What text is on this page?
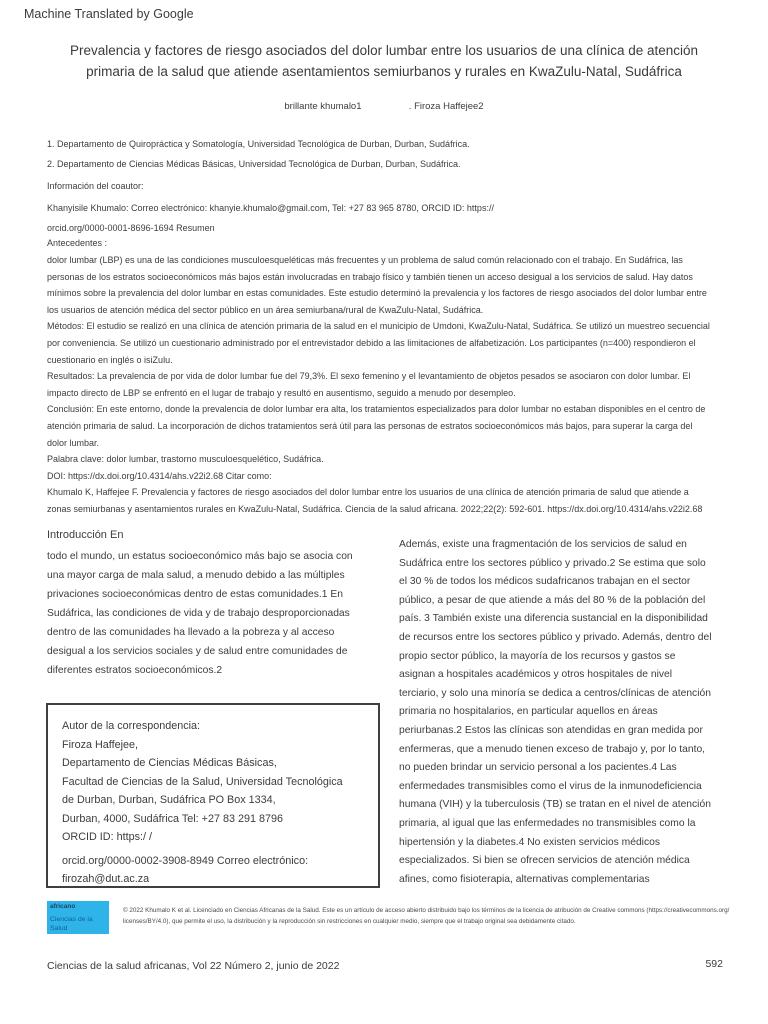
Machine Translated by Google
Prevalencia y factores de riesgo asociados del dolor lumbar entre los usuarios de una clínica de atención
primaria de la salud que atiende asentamientos semiurbanos y rurales en KwaZulu-Natal, Sudáfrica
brillante khumalo1	. Firoza Haffejee2
1. Departamento de Quiropráctica y Somatología, Universidad Tecnológica de Durban, Durban, Sudáfrica.
2. Departamento de Ciencias Médicas Básicas, Universidad Tecnológica de Durban, Durban, Sudáfrica.
Información del coautor:
Khanyisile Khumalo: Correo electrónico: khanyie.khumalo@gmail.com, Tel: +27 83 965 8780, ORCID ID: https://
orcid.org/0000-0001-8696-1694 Resumen
Antecedentes :
dolor lumbar (LBP) es una de las condiciones musculoesqueléticas más frecuentes y un problema de salud común relacionado con el trabajo. En Sudáfrica, las
personas de los estratos socioeconómicos más bajos están involucradas en trabajo físico y también tienen un acceso desigual a los servicios de salud. Hay datos
mínimos sobre la prevalencia del dolor lumbar en estas comunidades. Este estudio determinó la prevalencia y los factores de riesgo asociados del dolor lumbar entre
los usuarios de atención médica del sector público en un área semiurbana/rural de KwaZulu-Natal, Sudáfrica.
Métodos: El estudio se realizó en una clínica de atención primaria de la salud en el municipio de Umdoni, KwaZulu-Natal, Sudáfrica. Se utilizó un muestreo secuencial
por conveniencia. Se utilizó un cuestionario administrado por el entrevistador debido a las limitaciones de alfabetización. Los participantes (n=400) respondieron el
cuestionario en inglés o isiZulu.
Resultados: La prevalencia de por vida de dolor lumbar fue del 79,3%. El sexo femenino y el levantamiento de objetos pesados se asociaron con dolor lumbar. El
impacto directo de LBP se enfrentó en el lugar de trabajo y resultó en ausentismo, seguido a menudo por desempleo.
Conclusión: En este entorno, donde la prevalencia de dolor lumbar era alta, los tratamientos especializados para dolor lumbar no estaban disponibles en el centro de
atención primaria de salud. La incorporación de dichos tratamientos será útil para las personas de estratos socioeconómicos más bajos, para superar la carga del
dolor lumbar.
Palabra clave: dolor lumbar, trastorno musculoesquelético, Sudáfrica.
DOI: https://dx.doi.org/10.4314/ahs.v22i2.68 Citar como:
Khumalo K, Haffejee F. Prevalencia y factores de riesgo asociados del dolor lumbar entre los usuarios de una clínica de atención primaria de salud que atiende a
zonas semiurbanas y asentamientos rurales en KwaZulu-Natal, Sudáfrica. Ciencia de la salud africana. 2022;22(2): 592-601. https://dx.doi.org/10.4314/ahs.v22i2.68
Introducción En
todo el mundo, un estatus socioeconómico más bajo se asocia con
una mayor carga de mala salud, a menudo debido a las múltiples
privaciones socioeconómicas dentro de estas comunidades.1 En
Sudáfrica, las condiciones de vida y de trabajo desproporcionadas
dentro de las comunidades ha llevado a la pobreza y al acceso
desigual a los servicios sociales y de salud entre comunidades de
diferentes estratos socioeconómicos.2
Además, existe una fragmentación de los servicios de salud en
Sudáfrica entre los sectores público y privado.2 Se estima que solo
el 30 % de todos los médicos sudafricanos trabajan en el sector
público, a pesar de que atiende a más del 80 % de la población del
país. 3 También existe una diferencia sustancial en la disponibilidad
de recursos entre los sectores público y privado. Además, dentro del
propio sector público, la mayoría de los recursos y gastos se
asignan a hospitales académicos y otros hospitales de nivel
terciario, y solo una minoría se dedica a centros/clínicas de atención
primaria no hospitalarios, en particular aquellos en áreas
periurbanas.2 Estos las clínicas son atendidas en gran medida por
enfermeras, que a menudo tienen exceso de trabajo y, por lo tanto,
no pueden brindar un servicio personal a los pacientes.4 Las
enfermedades transmisibles como el virus de la inmunodeficiencia
humana (VIH) y la tuberculosis (TB) se tratan en el nivel de atención
primaria, al igual que las enfermedades no transmisibles como la
hipertensión y la diabetes.4 No existen servicios médicos
especializados. Si bien se ofrecen servicios de atención médica
afines, como fisioterapia, alternativas complementarias
Autor de la correspondencia:
Firoza Haffejee,
Departamento de Ciencias Médicas Básicas,
Facultad de Ciencias de la Salud, Universidad Tecnológica
de Durban, Durban, Sudáfrica PO Box 1334,
Durban, 4000, Sudáfrica Tel: +27 83 291 8796
ORCID ID: https:/ /
orcid.org/0000-0002-3908-8949 Correo electrónico:
firozah@dut.ac.za
africano
Ciencias de la Salud
© 2022 Khumalo K et al. Licenciado en Ciencias Africanas de la Salud. Este es un artículo de acceso abierto distribuido bajo los términos de la licencia de atribución de Creative commons (https://creativecommons.org/
licenses/BY/4.0), que permite el uso, la distribución y la reproducción sin restricciones en cualquier medio, siempre que el trabajo original sea debidamente citado.
Ciencias de la salud africanas, Vol 22 Número 2, junio de 2022	592
